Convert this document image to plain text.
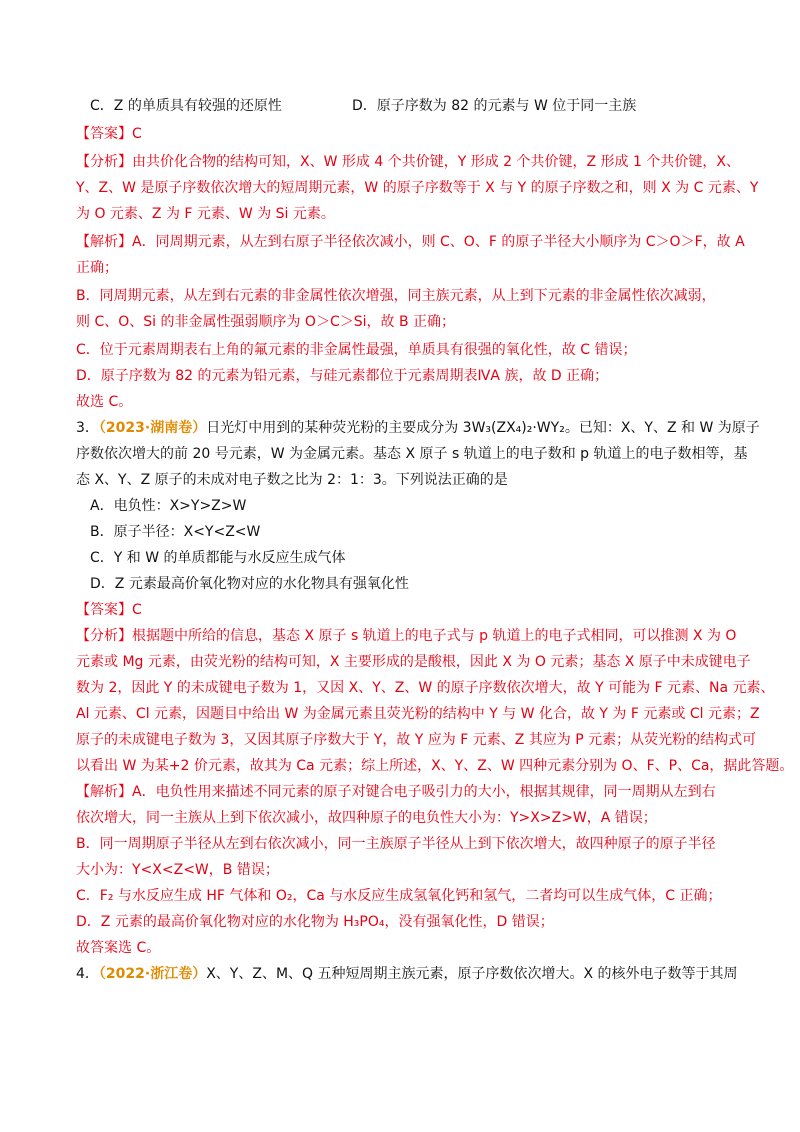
C．Z 的单质具有较强的还原性	D．原子序数为 82 的元素与 W 位于同一主族
【答案】C
【分析】由共价化合物的结构可知，X、W 形成 4 个共价键，Y 形成 2 个共价键，Z 形成 1 个共价键，X、
Y、Z、W 是原子序数依次增大的短周期元素，W 的原子序数等于 X 与 Y 的原子序数之和，则 X 为 C 元素、Y
为 O 元素、Z 为 F 元素、W 为 Si 元素。
【解析】A．同周期元素，从左到右原子半径依次减小，则 C、O、F 的原子半径大小顺序为 C＞O＞F，故 A
正确；
B．同周期元素，从左到右元素的非金属性依次增强，同主族元素，从上到下元素的非金属性依次减弱，
则 C、O、Si 的非金属性强弱顺序为 O＞C＞Si，故 B 正确；
C．位于元素周期表右上角的氟元素的非金属性最强，单质具有很强的氧化性，故 C 错误；
D．原子序数为 82 的元素为铅元素，与硅元素都位于元素周期表ⅣA 族，故 D 正确；
故选 C。
3．（2023·湖南卷）日光灯中用到的某种荧光粉的主要成分为 3W₃(ZX₄)₂·WY₂。已知：X、Y、Z 和 W 为原子
序数依次增大的前 20 号元素，W 为金属元素。基态 X 原子 s 轨道上的电子数和 p 轨道上的电子数相等，基
态 X、Y、Z 原子的未成对电子数之比为 2：1：3。下列说法正确的是
A．电负性：X>Y>Z>W
B．原子半径：X<Y<Z<W
C．Y 和 W 的单质都能与水反应生成气体
D．Z 元素最高价氧化物对应的水化物具有强氧化性
【答案】C
【分析】根据题中所给的信息，基态 X 原子 s 轨道上的电子式与 p 轨道上的电子式相同，可以推测 X 为 O
元素或 Mg 元素，由荧光粉的结构可知，X 主要形成的是酸根，因此 X 为 O 元素；基态 X 原子中未成键电子
数为 2，因此 Y 的未成键电子数为 1，又因 X、Y、Z、W 的原子序数依次增大，故 Y 可能为 F 元素、Na 元素、
Al 元素、Cl 元素，因题目中给出 W 为金属元素且荧光粉的结构中 Y 与 W 化合，故 Y 为 F 元素或 Cl 元素；Z
原子的未成键电子数为 3，又因其原子序数大于 Y，故 Y 应为 F 元素、Z 其应为 P 元素；从荧光粉的结构式可
以看出 W 为某+2 价元素，故其为 Ca 元素；综上所述，X、Y、Z、W 四种元素分别为 O、F、P、Ca，据此答题。
【解析】A．电负性用来描述不同元素的原子对键合电子吸引力的大小，根据其规律，同一周期从左到右
依次增大，同一主族从上到下依次减小，故四种原子的电负性大小为：Y>X>Z>W，A 错误；
B．同一周期原子半径从左到右依次减小，同一主族原子半径从上到下依次增大，故四种原子的原子半径
大小为：Y<X<Z<W，B 错误；
C．F₂ 与水反应生成 HF 气体和 O₂，Ca 与水反应生成氢氧化钙和氢气，二者均可以生成气体，C 正确；
D．Z 元素的最高价氧化物对应的水化物为 H₃PO₄，没有强氧化性，D 错误；
故答案选 C。
4．（2022·浙江卷）X、Y、Z、M、Q 五种短周期主族元素，原子序数依次增大。X 的核外电子数等于其周
